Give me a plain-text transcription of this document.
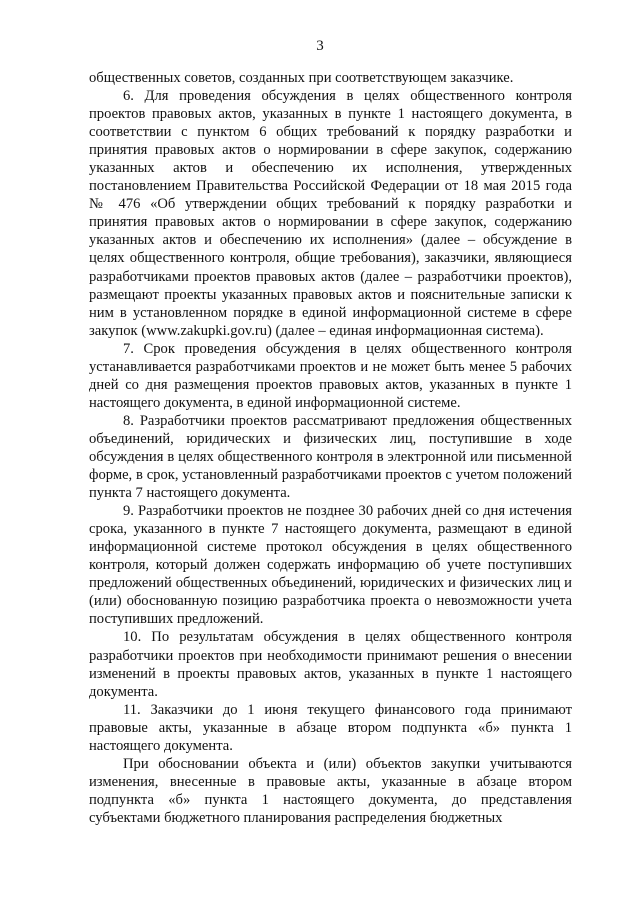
3

общественных советов, созданных при соответствующем заказчике.

6. Для проведения обсуждения в целях общественного контроля проектов правовых актов, указанных в пункте 1 настоящего документа, в соответствии с пунктом 6 общих требований к порядку разработки и принятия правовых актов о нормировании в сфере закупок, содержанию указанных актов и обеспечению их исполнения, утвержденных постановлением Правительства Российской Федерации от 18 мая 2015 года № 476 «Об утверждении общих требований к порядку разработки и принятия правовых актов о нормировании в сфере закупок, содержанию указанных актов и обеспечению их исполнения» (далее – обсуждение в целях общественного контроля, общие требования), заказчики, являющиеся разработчиками проектов правовых актов (далее – разработчики проектов), размещают проекты указанных правовых актов и пояснительные записки к ним в установленном порядке в единой информационной системе в сфере закупок (www.zakupki.gov.ru) (далее – единая информационная система).

7. Срок проведения обсуждения в целях общественного контроля устанавливается разработчиками проектов и не может быть менее 5 рабочих дней со дня размещения проектов правовых актов, указанных в пункте 1 настоящего документа, в единой информационной системе.

8. Разработчики проектов рассматривают предложения общественных объединений, юридических и физических лиц, поступившие в ходе обсуждения в целях общественного контроля в электронной или письменной форме, в срок, установленный разработчиками проектов с учетом положений пункта 7 настоящего документа.

9. Разработчики проектов не позднее 30 рабочих дней со дня истечения срока, указанного в пункте 7 настоящего документа, размещают в единой информационной системе протокол обсуждения в целях общественного контроля, который должен содержать информацию об учете поступивших предложений общественных объединений, юридических и физических лиц и (или) обоснованную позицию разработчика проекта о невозможности учета поступивших предложений.

10. По результатам обсуждения в целях общественного контроля разработчики проектов при необходимости принимают решения о внесении изменений в проекты правовых актов, указанных в пункте 1 настоящего документа.

11. Заказчики до 1 июня текущего финансового года принимают правовые акты, указанные в абзаце втором подпункта «б» пункта 1 настоящего документа.

При обосновании объекта и (или) объектов закупки учитываются изменения, внесенные в правовые акты, указанные в абзаце втором подпункта «б» пункта 1 настоящего документа, до представления субъектами бюджетного планирования распределения бюджетных
